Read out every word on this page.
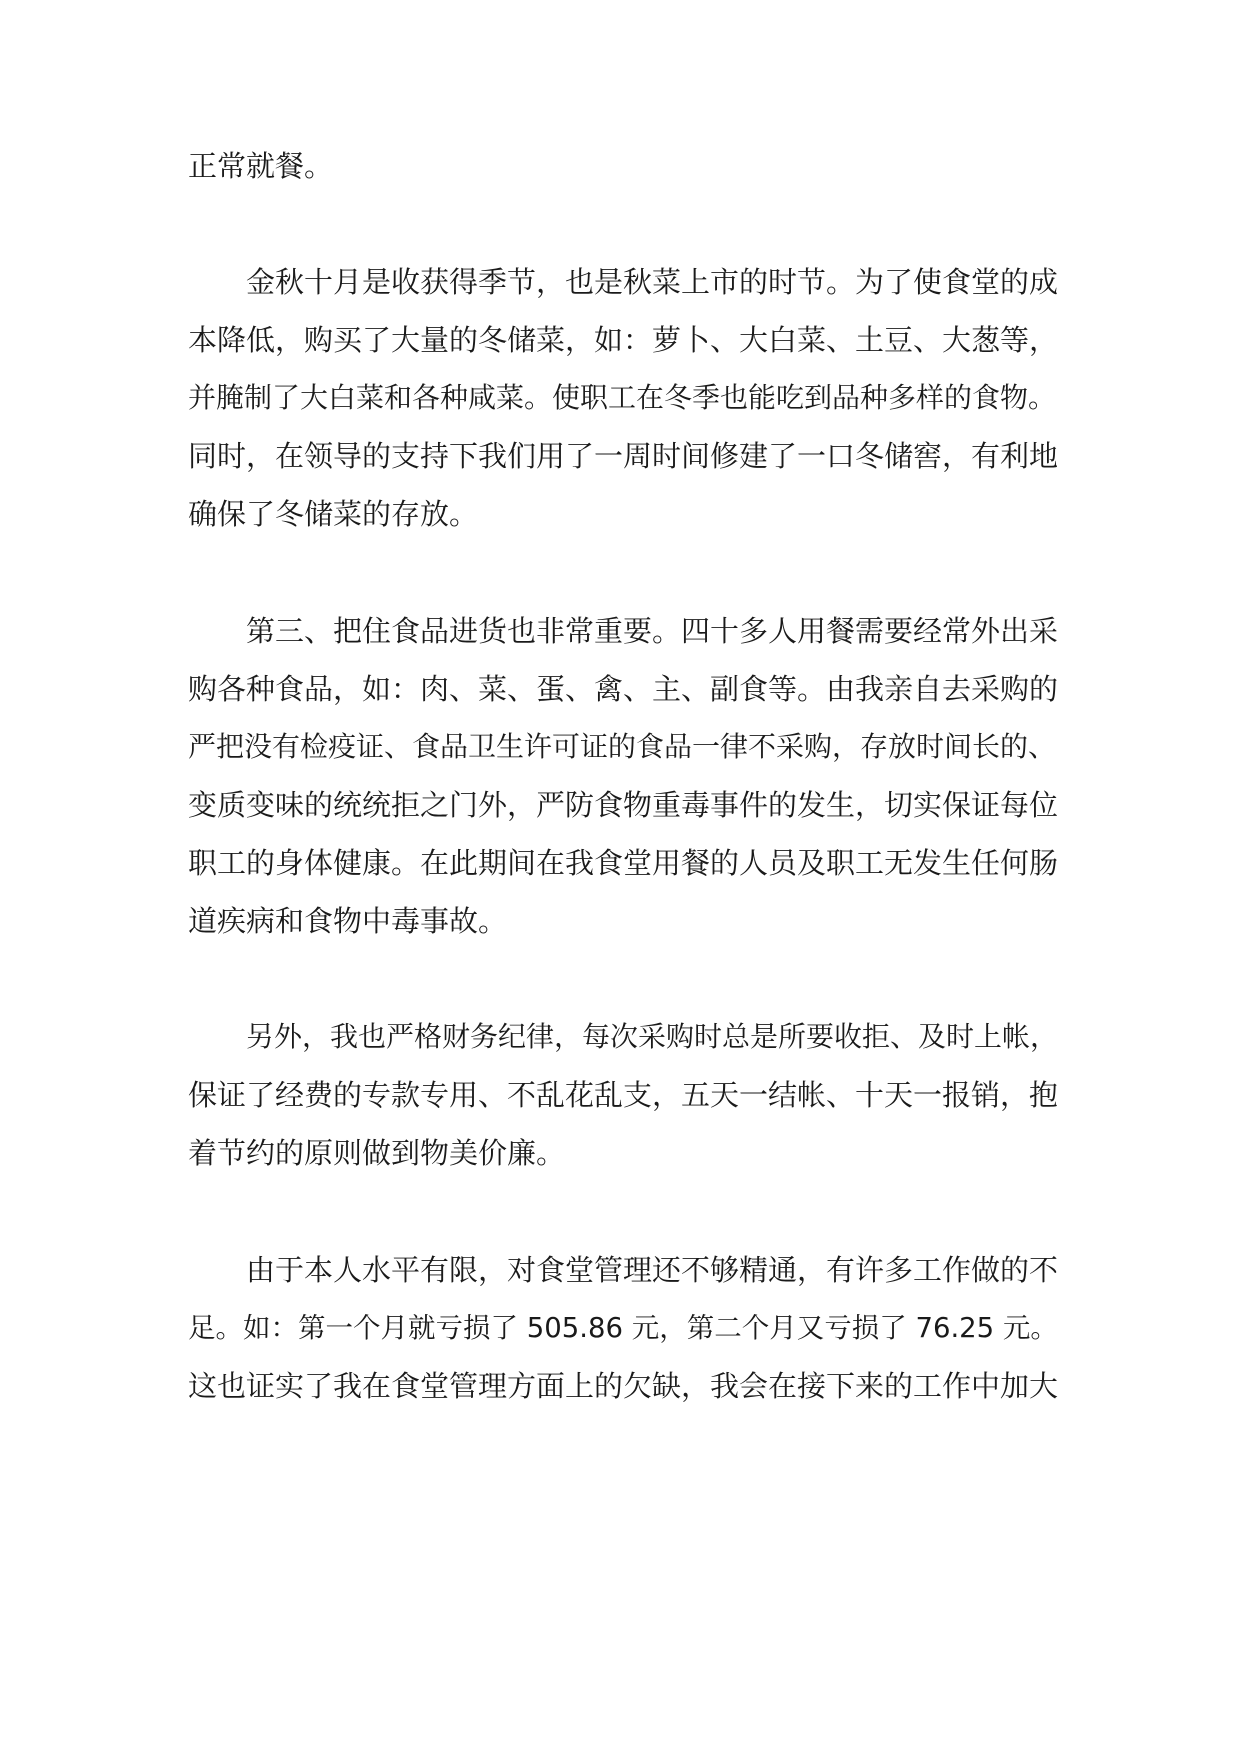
正常就餐。
金秋十月是收获得季节，也是秋菜上市的时节。为了使食堂的成
本降低，购买了大量的冬储菜，如：萝卜、大白菜、土豆、大葱等，
并腌制了大白菜和各种咸菜。使职工在冬季也能吃到品种多样的食物。
同时，在领导的支持下我们用了一周时间修建了一口冬储窖，有利地
确保了冬储菜的存放。
第三、把住食品进货也非常重要。四十多人用餐需要经常外出采
购各种食品，如：肉、菜、蛋、禽、主、副食等。由我亲自去采购的
严把没有检疫证、食品卫生许可证的食品一律不采购，存放时间长的、
变质变味的统统拒之门外，严防食物重毒事件的发生，切实保证每位
职工的身体健康。在此期间在我食堂用餐的人员及职工无发生任何肠
道疾病和食物中毒事故。
另外，我也严格财务纪律，每次采购时总是所要收拒、及时上帐，
保证了经费的专款专用、不乱花乱支，五天一结帐、十天一报销，抱
着节约的原则做到物美价廉。
由于本人水平有限，对食堂管理还不够精通，有许多工作做的不
足。如：第一个月就亏损了 505.86 元，第二个月又亏损了 76.25 元。
这也证实了我在食堂管理方面上的欠缺，我会在接下来的工作中加大
